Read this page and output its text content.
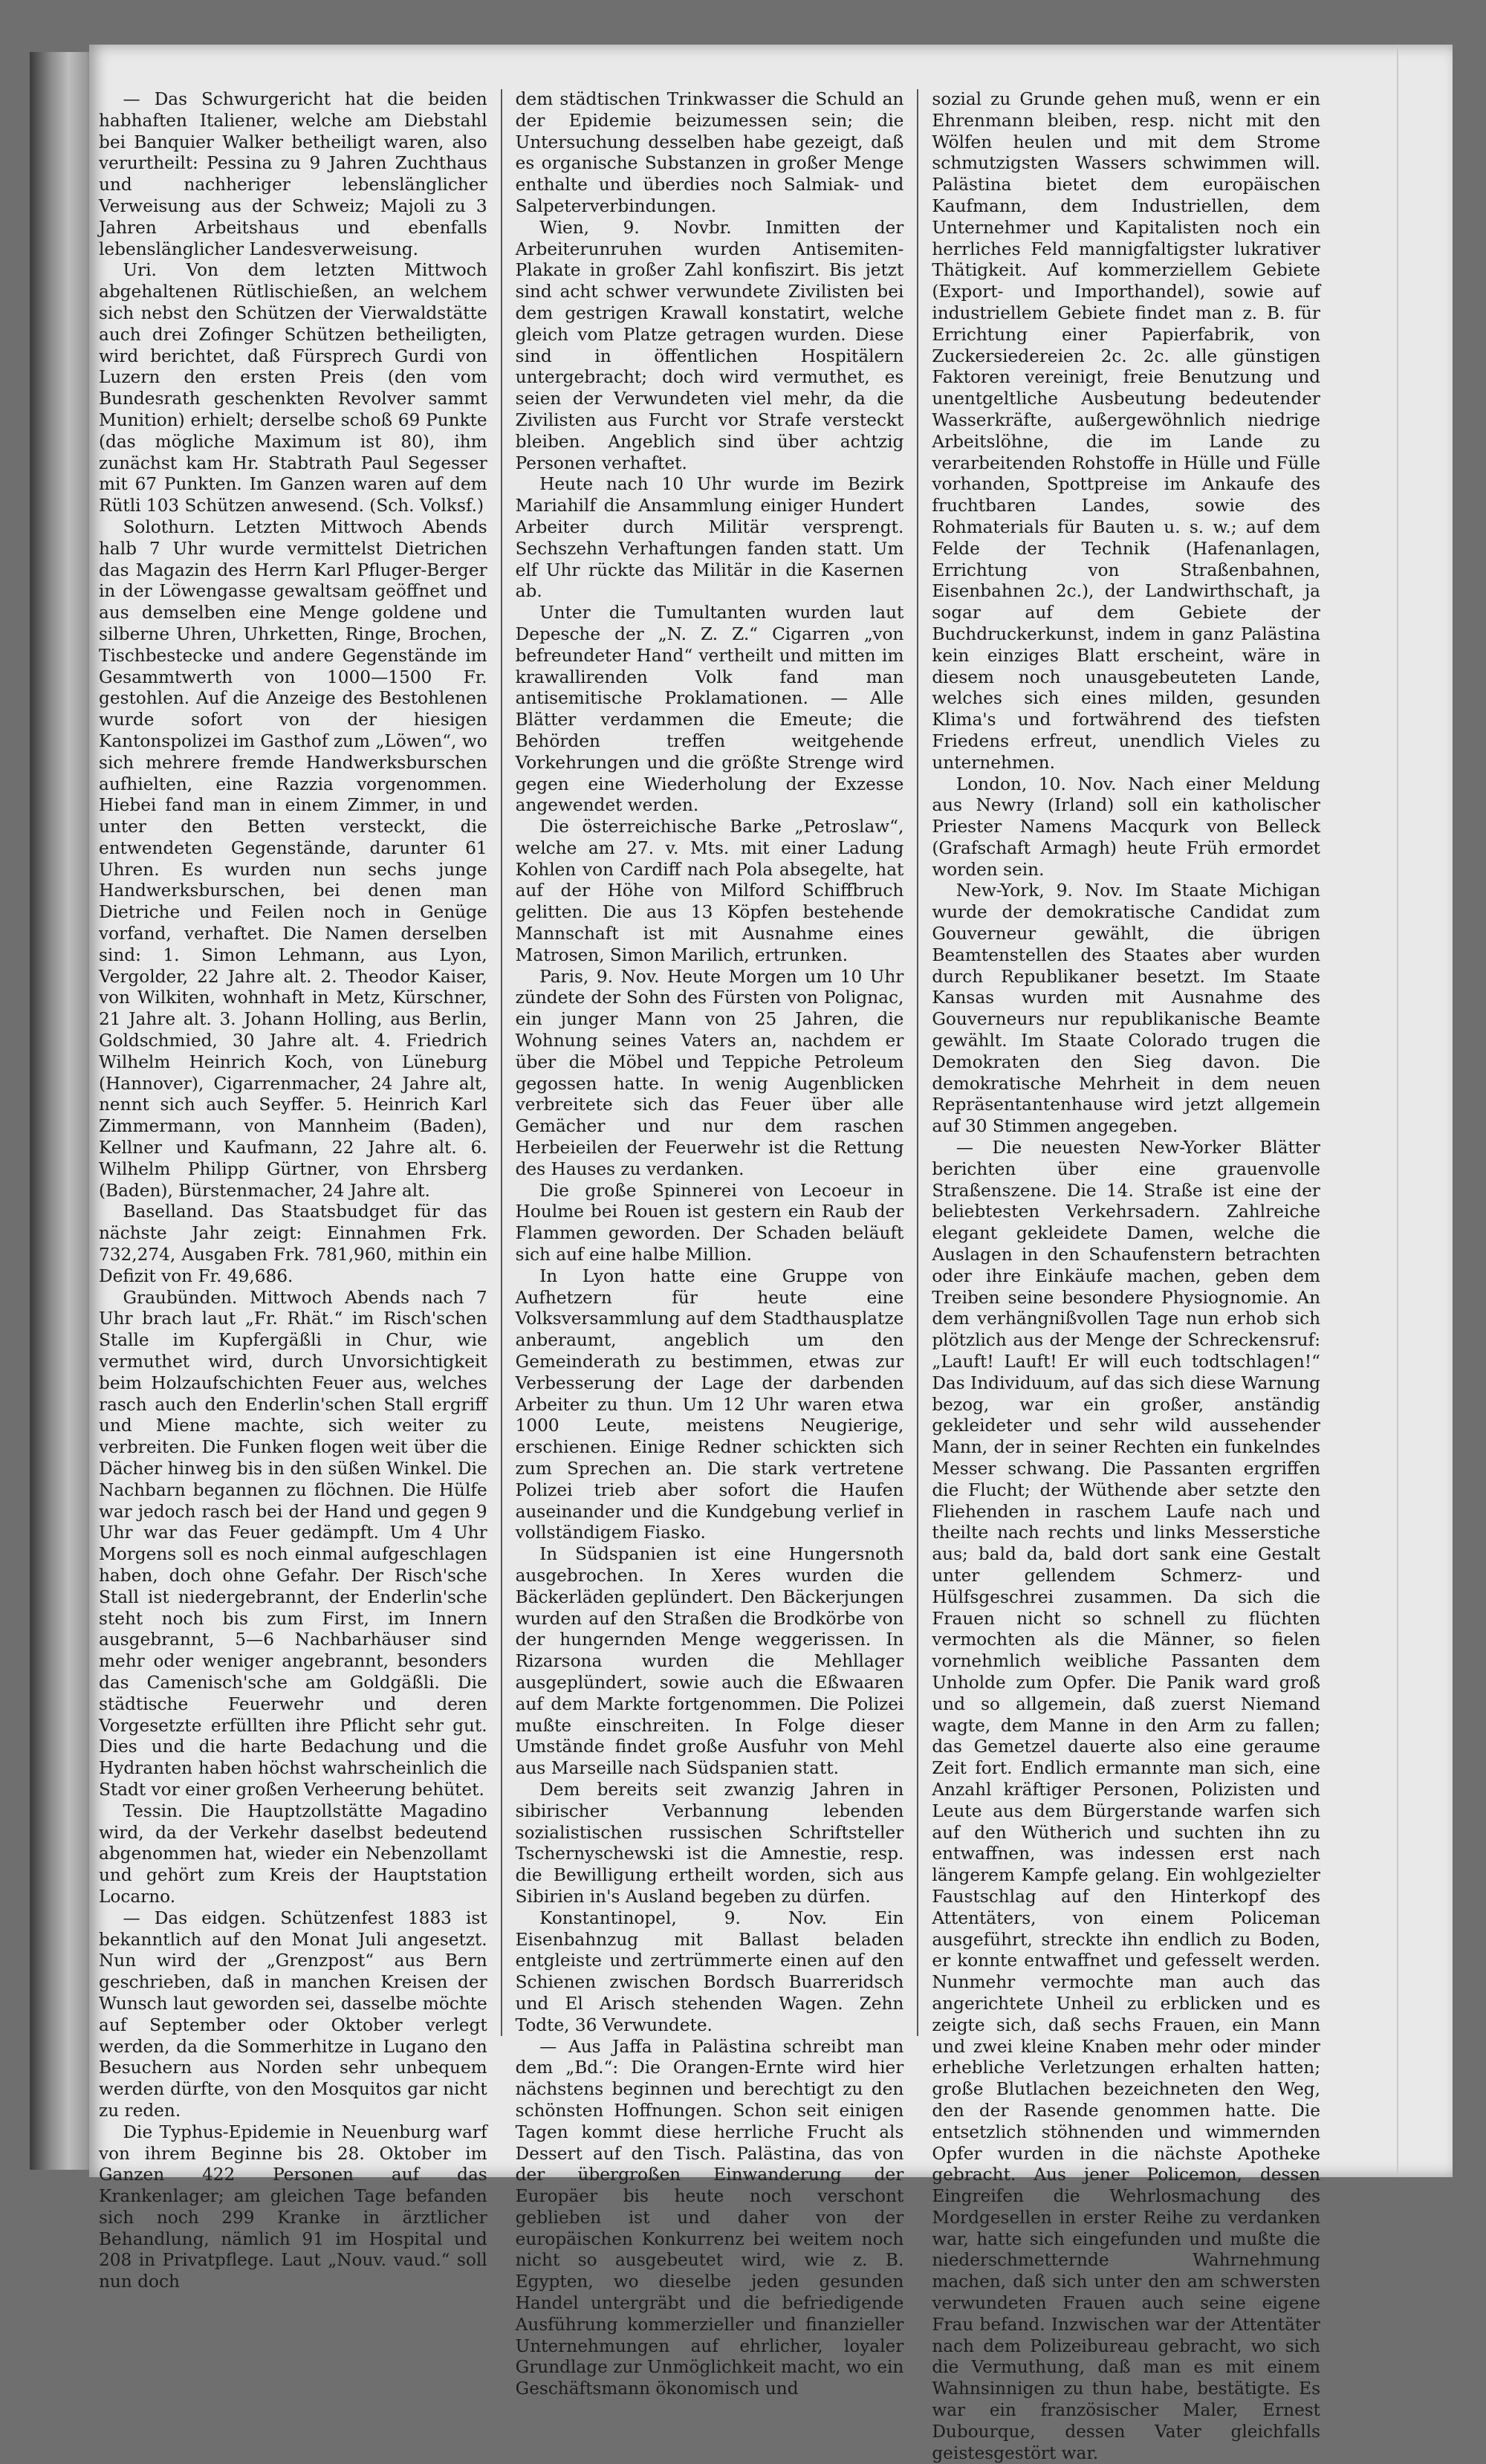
— Das Schwurgericht hat die beiden habhaften Italiener, welche am Diebstahl bei Banquier Walker betheiligt waren, also verurtheilt: Pessina zu 9 Jahren Zuchthaus und nachheriger lebenslänglicher Verweisung aus der Schweiz; Majoli zu 3 Jahren Arbeitshaus und ebenfalls lebenslänglicher Landesverweisung.

Uri. Von dem letzten Mittwoch abgehaltenen Rütlischießen, an welchem sich nebst den Schützen der Vierwaldstätte auch drei Zofinger Schützen betheiligten, wird berichtet, daß Fürsprech Gurdi von Luzern den ersten Preis (den vom Bundesrath geschenkten Revolver sammt Munition) erhielt; derselbe schoß 69 Punkte (das mögliche Maximum ist 80), ihm zunächst kam Hr. Stabtrath Paul Segesser mit 67 Punkten. Im Ganzen waren auf dem Rütli 103 Schützen anwesend. (Sch. Volksf.)

Solothurn. Letzten Mittwoch Abends halb 7 Uhr wurde vermittelst Dietrichen das Magazin des Herrn Karl Pfluger-Berger in der Löwengasse gewaltsam geöffnet und aus demselben eine Menge goldene und silberne Uhren, Uhrketten, Ringe, Brochen, Tischbestecke und andere Gegenstände im Gesammtwerth von 1000—1500 Fr. gestohlen. Auf die Anzeige des Bestohlenen wurde sofort von der hiesigen Kantonspolizei im Gasthof zum „Löwen“, wo sich mehrere fremde Handwerksburschen aufhielten, eine Razzia vorgenommen. Hiebei fand man in einem Zimmer, in und unter den Betten versteckt, die entwendeten Gegenstände, darunter 61 Uhren. Es wurden nun sechs junge Handwerksburschen, bei denen man Dietriche und Feilen noch in Genüge vorfand, verhaftet. Die Namen derselben sind: 1. Simon Lehmann, aus Lyon, Vergolder, 22 Jahre alt. 2. Theodor Kaiser, von Wilkiten, wohnhaft in Metz, Kürschner, 21 Jahre alt. 3. Johann Holling, aus Berlin, Goldschmied, 30 Jahre alt. 4. Friedrich Wilhelm Heinrich Koch, von Lüneburg (Hannover), Cigarrenmacher, 24 Jahre alt, nennt sich auch Seyffer. 5. Heinrich Karl Zimmermann, von Mannheim (Baden), Kellner und Kaufmann, 22 Jahre alt. 6. Wilhelm Philipp Gürtner, von Ehrsberg (Baden), Bürstenmacher, 24 Jahre alt.

Baselland. Das Staatsbudget für das nächste Jahr zeigt: Einnahmen Frk. 732,274, Ausgaben Frk. 781,960, mithin ein Defizit von Fr. 49,686.

Graubünden. Mittwoch Abends nach 7 Uhr brach laut „Fr. Rhät.“ im Risch'schen Stalle im Kupfergäßli in Chur, wie vermuthet wird, durch Unvorsichtigkeit beim Holzaufschichten Feuer aus, welches rasch auch den Enderlin'schen Stall ergriff und Miene machte, sich weiter zu verbreiten. Die Funken flogen weit über die Dächer hinweg bis in den süßen Winkel. Die Nachbarn begannen zu flöchnen. Die Hülfe war jedoch rasch bei der Hand und gegen 9 Uhr war das Feuer gedämpft. Um 4 Uhr Morgens soll es noch einmal aufgeschlagen haben, doch ohne Gefahr. Der Risch'sche Stall ist niedergebrannt, der Enderlin'sche steht noch bis zum First, im Innern ausgebrannt, 5—6 Nachbarhäuser sind mehr oder weniger angebrannt, besonders das Camenisch'sche am Goldgäßli. Die städtische Feuerwehr und deren Vorgesetzte erfüllten ihre Pflicht sehr gut. Dies und die harte Bedachung und die Hydranten haben höchst wahrscheinlich die Stadt vor einer großen Verheerung behütet.

Tessin. Die Hauptzollstätte Magadino wird, da der Verkehr daselbst bedeutend abgenommen hat, wieder ein Nebenzollamt und gehört zum Kreis der Hauptstation Locarno.

— Das eidgen. Schützenfest 1883 ist bekanntlich auf den Monat Juli angesetzt. Nun wird der „Grenzpost“ aus Bern geschrieben, daß in manchen Kreisen der Wunsch laut geworden sei, dasselbe möchte auf September oder Oktober verlegt werden, da die Sommerhitze in Lugano den Besuchern aus Norden sehr unbequem werden dürfte, von den Mosquitos gar nicht zu reden.

Die Typhus-Epidemie in Neuenburg warf von ihrem Beginne bis 28. Oktober im Ganzen 422 Personen auf das Krankenlager; am gleichen Tage befanden sich noch 299 Kranke in ärztlicher Behandlung, nämlich 91 im Hospital und 208 in Privatpflege. Laut „Nouv. vaud.“ soll nun doch

dem städtischen Trinkwasser die Schuld an der Epidemie beizumessen sein; die Untersuchung desselben habe gezeigt, daß es organische Substanzen in großer Menge enthalte und überdies noch Salmiak- und Salpeterverbindungen.

Wien, 9. Novbr. Inmitten der Arbeiterunruhen wurden Antisemiten-Plakate in großer Zahl konfiszirt. Bis jetzt sind acht schwer verwundete Zivilisten bei dem gestrigen Krawall konstatirt, welche gleich vom Platze getragen wurden. Diese sind in öffentlichen Hospitälern untergebracht; doch wird vermuthet, es seien der Verwundeten viel mehr, da die Zivilisten aus Furcht vor Strafe versteckt bleiben. Angeblich sind über achtzig Personen verhaftet.

Heute nach 10 Uhr wurde im Bezirk Mariahilf die Ansammlung einiger Hundert Arbeiter durch Militär versprengt. Sechszehn Verhaftungen fanden statt. Um elf Uhr rückte das Militär in die Kasernen ab.

Unter die Tumultanten wurden laut Depesche der „N. Z. Z.“ Cigarren „von befreundeter Hand“ vertheilt und mitten im krawallirenden Volk fand man antisemitische Proklamationen. — Alle Blätter verdammen die Emeute; die Behörden treffen weitgehende Vorkehrungen und die größte Strenge wird gegen eine Wiederholung der Exzesse angewendet werden.

Die österreichische Barke „Petroslaw“, welche am 27. v. Mts. mit einer Ladung Kohlen von Cardiff nach Pola absegelte, hat auf der Höhe von Milford Schiffbruch gelitten. Die aus 13 Köpfen bestehende Mannschaft ist mit Ausnahme eines Matrosen, Simon Marilich, ertrunken.

Paris, 9. Nov. Heute Morgen um 10 Uhr zündete der Sohn des Fürsten von Polignac, ein junger Mann von 25 Jahren, die Wohnung seines Vaters an, nachdem er über die Möbel und Teppiche Petroleum gegossen hatte. In wenig Augenblicken verbreitete sich das Feuer über alle Gemächer und nur dem raschen Herbeieilen der Feuerwehr ist die Rettung des Hauses zu verdanken.

Die große Spinnerei von Lecoeur in Houlme bei Rouen ist gestern ein Raub der Flammen geworden. Der Schaden beläuft sich auf eine halbe Million.

In Lyon hatte eine Gruppe von Aufhetzern für heute eine Volksversammlung auf dem Stadthausplatze anberaumt, angeblich um den Gemeinderath zu bestimmen, etwas zur Verbesserung der Lage der darbenden Arbeiter zu thun. Um 12 Uhr waren etwa 1000 Leute, meistens Neugierige, erschienen. Einige Redner schickten sich zum Sprechen an. Die stark vertretene Polizei trieb aber sofort die Haufen auseinander und die Kundgebung verlief in vollständigem Fiasko.

In Südspanien ist eine Hungersnoth ausgebrochen. In Xeres wurden die Bäckerläden geplündert. Den Bäckerjungen wurden auf den Straßen die Brodkörbe von der hungernden Menge weggerissen. In Rizarsona wurden die Mehllager ausgeplündert, sowie auch die Eßwaaren auf dem Markte fortgenommen. Die Polizei mußte einschreiten. In Folge dieser Umstände findet große Ausfuhr von Mehl aus Marseille nach Südspanien statt.

Dem bereits seit zwanzig Jahren in sibirischer Verbannung lebenden sozialistischen russischen Schriftsteller Tschernyschewski ist die Amnestie, resp. die Bewilligung ertheilt worden, sich aus Sibirien in's Ausland begeben zu dürfen.

Konstantinopel, 9. Nov. Ein Eisenbahnzug mit Ballast beladen entgleiste und zertrümmerte einen auf den Schienen zwischen Bordsch Buarreridsch und El Arisch stehenden Wagen. Zehn Todte, 36 Verwundete.

— Aus Jaffa in Palästina schreibt man dem „Bd.“: Die Orangen-Ernte wird hier nächstens beginnen und berechtigt zu den schönsten Hoffnungen. Schon seit einigen Tagen kommt diese herrliche Frucht als Dessert auf den Tisch. Palästina, das von der übergroßen Einwanderung der Europäer bis heute noch verschont geblieben ist und daher von der europäischen Konkurrenz bei weitem noch nicht so ausgebeutet wird, wie z. B. Egypten, wo dieselbe jeden gesunden Handel untergräbt und die befriedigende Ausführung kommerzieller und finanzieller Unternehmungen auf ehrlicher, loyaler Grundlage zur Unmöglichkeit macht, wo ein Geschäftsmann ökonomisch und

sozial zu Grunde gehen muß, wenn er ein Ehrenmann bleiben, resp. nicht mit den Wölfen heulen und mit dem Strome schmutzigsten Wassers schwimmen will. Palästina bietet dem europäischen Kaufmann, dem Industriellen, dem Unternehmer und Kapitalisten noch ein herrliches Feld mannigfaltigster lukrativer Thätigkeit. Auf kommerziellem Gebiete (Export- und Importhandel), sowie auf industriellem Gebiete findet man z. B. für Errichtung einer Papierfabrik, von Zuckersiedereien 2c. 2c. alle günstigen Faktoren vereinigt, freie Benutzung und unentgeltliche Ausbeutung bedeutender Wasserkräfte, außergewöhnlich niedrige Arbeitslöhne, die im Lande zu verarbeitenden Rohstoffe in Hülle und Fülle vorhanden, Spottpreise im Ankaufe des fruchtbaren Landes, sowie des Rohmaterials für Bauten u. s. w.; auf dem Felde der Technik (Hafenanlagen, Errichtung von Straßenbahnen, Eisenbahnen 2c.), der Landwirthschaft, ja sogar auf dem Gebiete der Buchdruckerkunst, indem in ganz Palästina kein einziges Blatt erscheint, wäre in diesem noch unausgebeuteten Lande, welches sich eines milden, gesunden Klima's und fortwährend des tiefsten Friedens erfreut, unendlich Vieles zu unternehmen.

London, 10. Nov. Nach einer Meldung aus Newry (Irland) soll ein katholischer Priester Namens Macqurk von Belleck (Grafschaft Armagh) heute Früh ermordet worden sein.

New-York, 9. Nov. Im Staate Michigan wurde der demokratische Candidat zum Gouverneur gewählt, die übrigen Beamtenstellen des Staates aber wurden durch Republikaner besetzt. Im Staate Kansas wurden mit Ausnahme des Gouverneurs nur republikanische Beamte gewählt. Im Staate Colorado trugen die Demokraten den Sieg davon. Die demokratische Mehrheit in dem neuen Repräsentantenhause wird jetzt allgemein auf 30 Stimmen angegeben.

— Die neuesten New-Yorker Blätter berichten über eine grauenvolle Straßenszene. Die 14. Straße ist eine der beliebtesten Verkehrsadern. Zahlreiche elegant gekleidete Damen, welche die Auslagen in den Schaufenstern betrachten oder ihre Einkäufe machen, geben dem Treiben seine besondere Physiognomie. An dem verhängnißvollen Tage nun erhob sich plötzlich aus der Menge der Schreckensruf: „Lauft! Lauft! Er will euch todtschlagen!“ Das Individuum, auf das sich diese Warnung bezog, war ein großer, anständig gekleideter und sehr wild aussehender Mann, der in seiner Rechten ein funkelndes Messer schwang. Die Passanten ergriffen die Flucht; der Wüthende aber setzte den Fliehenden in raschem Laufe nach und theilte nach rechts und links Messerstiche aus; bald da, bald dort sank eine Gestalt unter gellendem Schmerz- und Hülfsgeschrei zusammen. Da sich die Frauen nicht so schnell zu flüchten vermochten als die Männer, so fielen vornehmlich weibliche Passanten dem Unholde zum Opfer. Die Panik ward groß und so allgemein, daß zuerst Niemand wagte, dem Manne in den Arm zu fallen; das Gemetzel dauerte also eine geraume Zeit fort. Endlich ermannte man sich, eine Anzahl kräftiger Personen, Polizisten und Leute aus dem Bürgerstande warfen sich auf den Wütherich und suchten ihn zu entwaffnen, was indessen erst nach längerem Kampfe gelang. Ein wohlgezielter Faustschlag auf den Hinterkopf des Attentäters, von einem Policeman ausgeführt, streckte ihn endlich zu Boden, er konnte entwaffnet und gefesselt werden. Nunmehr vermochte man auch das angerichtete Unheil zu erblicken und es zeigte sich, daß sechs Frauen, ein Mann und zwei kleine Knaben mehr oder minder erhebliche Verletzungen erhalten hatten; große Blutlachen bezeichneten den Weg, den der Rasende genommen hatte. Die entsetzlich stöhnenden und wimmernden Opfer wurden in die nächste Apotheke gebracht. Aus jener Policemon, dessen Eingreifen die Wehrlosmachung des Mordgesellen in erster Reihe zu verdanken war, hatte sich eingefunden und mußte die niederschmetternde Wahrnehmung machen, daß sich unter den am schwersten verwundeten Frauen auch seine eigene Frau befand. Inzwischen war der Attentäter nach dem Polizeibureau gebracht, wo sich die Vermuthung, daß man es mit einem Wahnsinnigen zu thun habe, bestätigte. Es war ein französischer Maler, Ernest Dubourque, dessen Vater gleichfalls geistesgestört war.
